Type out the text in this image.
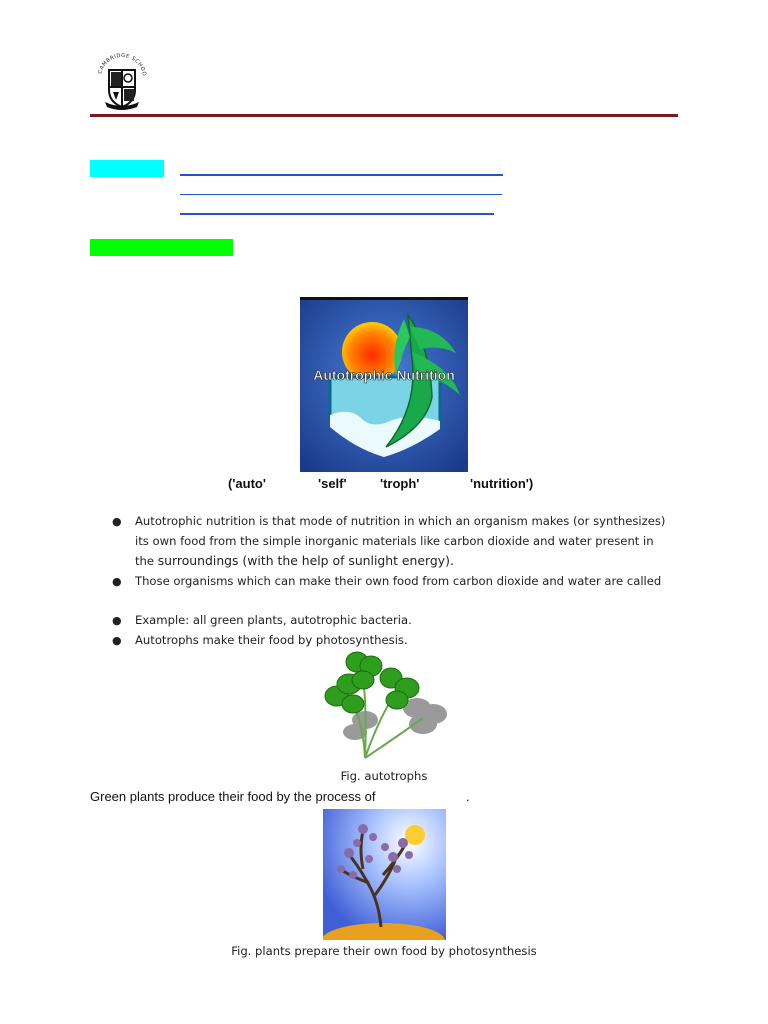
CAMBRIDGE SCHOO
Autotrophic Nutrition
('auto'	'self'	'troph'	'nutrition')
● Autotrophic nutrition is that mode of nutrition in which an organism makes (or synthesizes) its own food from the simple inorganic materials like carbon dioxide and water present in the surroundings (with the help of sunlight energy).
● Those organisms which can make their own food from carbon dioxide and water are called
● Example: all green plants, autotrophic bacteria.
● Autotrophs make their food by photosynthesis.
Fig. autotrophs
Green plants produce their food by the process of	.
Fig. plants prepare their own food by photosynthesis
